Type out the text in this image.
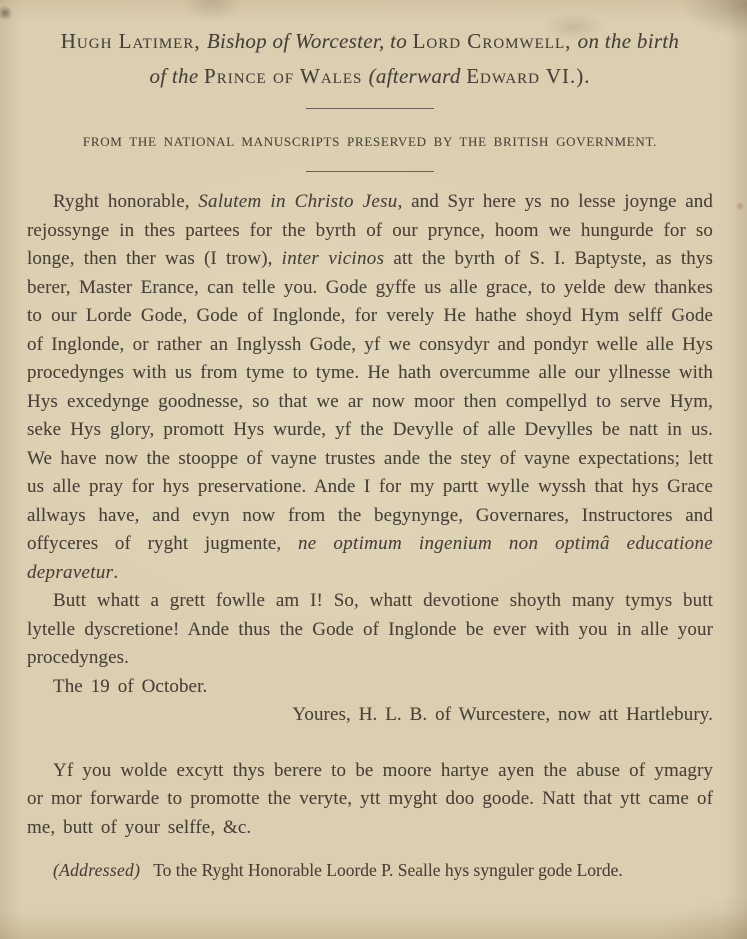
Hugh Latimer, Bishop of Worcester, to Lord Cromwell, on the birth
of the Prince of Wales (afterward Edward VI.).
FROM THE NATIONAL MANUSCRIPTS PRESERVED BY THE BRITISH GOVERNMENT.

Ryght honorable, Salutem in Christo Jesu, and Syr here ys no lesse joynge and rejossynge in thes partees for the byrth of our prynce, hoom we hungurde for so longe, then ther was (I trow), inter vicinos att the byrth of S. I. Baptyste, as thys berer, Master Erance, can telle you. Gode gyffe us alle grace, to yelde dew thankes to our Lorde Gode, Gode of Inglonde, for verely He hathe shoyd Hym selff Gode of Inglonde, or rather an Inglyssh Gode, yf we consydyr and pondyr welle alle Hys procedynges with us from tyme to tyme. He hath overcumme alle our yllnesse with Hys excedynge goodnesse, so that we ar now moor then compellyd to serve Hym, seke Hys glory, promott Hys wurde, yf the Devylle of alle Devylles be natt in us. We have now the stooppe of vayne trustes ande the stey of vayne expectations; lett us alle pray for hys preservatione. Ande I for my partt wylle wyssh that hys Grace allways have, and evyn now from the begynynge, Governares, Instructores and offyceres of ryght jugmente, ne optimum ingenium non optimâ educatione depravetur.

Butt whatt a grett fowlle am I! So, whatt devotione shoyth many tymys butt lytelle dyscretione! Ande thus the Gode of Inglonde be ever with you in alle your procedynges.

The 19 of October.

Youres, H. L. B. of Wurcestere, now att Hartlebury.

Yf you wolde excytt thys berere to be moore hartye ayen the abuse of ymagry or mor forwarde to promotte the veryte, ytt myght doo goode. Natt that ytt came of me, butt of your selffe, &c.

(Addressed) To the Ryght Honorable Loorde P. Sealle hys synguler gode Lorde.
